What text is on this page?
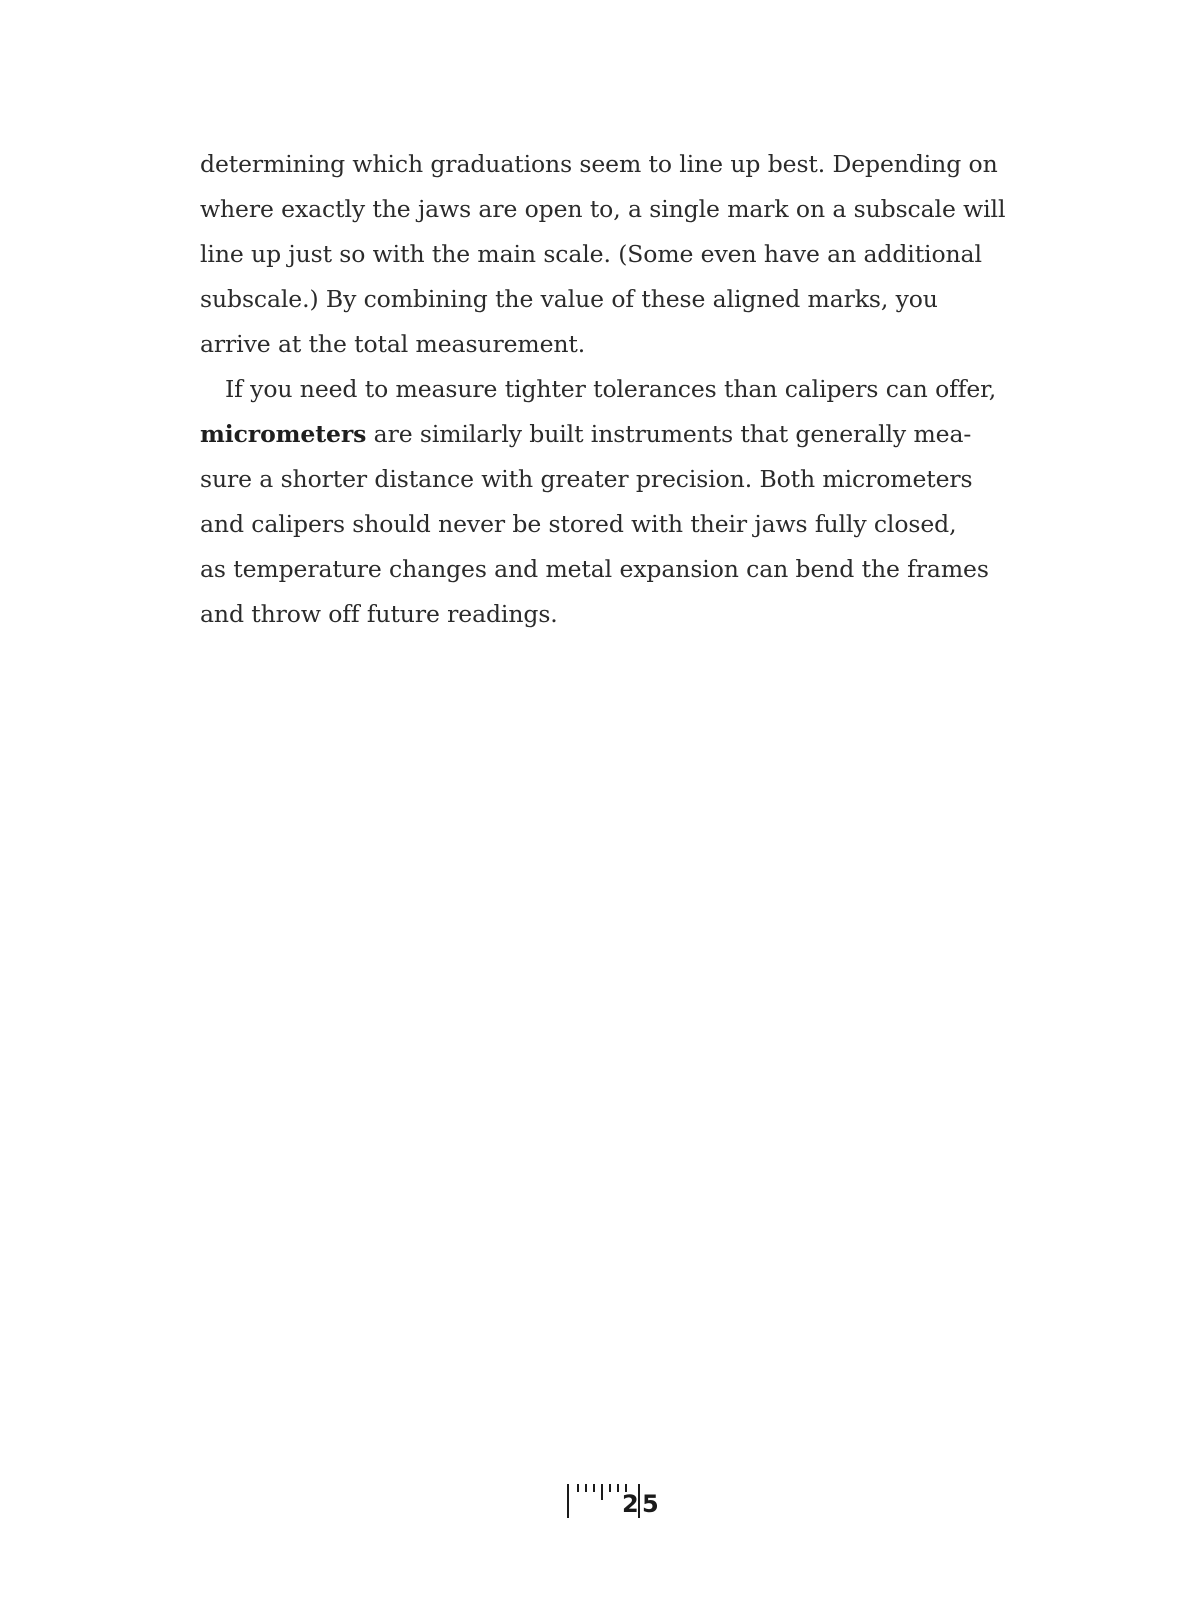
determining which graduations seem to line up best. Depending on
where exactly the jaws are open to, a single mark on a subscale will
line up just so with the main scale. (Some even have an additional
subscale.) By combining the value of these aligned marks, you
arrive at the total measurement.
If you need to measure tighter tolerances than calipers can offer,
micrometers are similarly built instruments that generally mea-
sure a shorter distance with greater precision. Both micrometers
and calipers should never be stored with their jaws fully closed,
as temperature changes and metal expansion can bend the frames
and throw off future readings.
2 5
